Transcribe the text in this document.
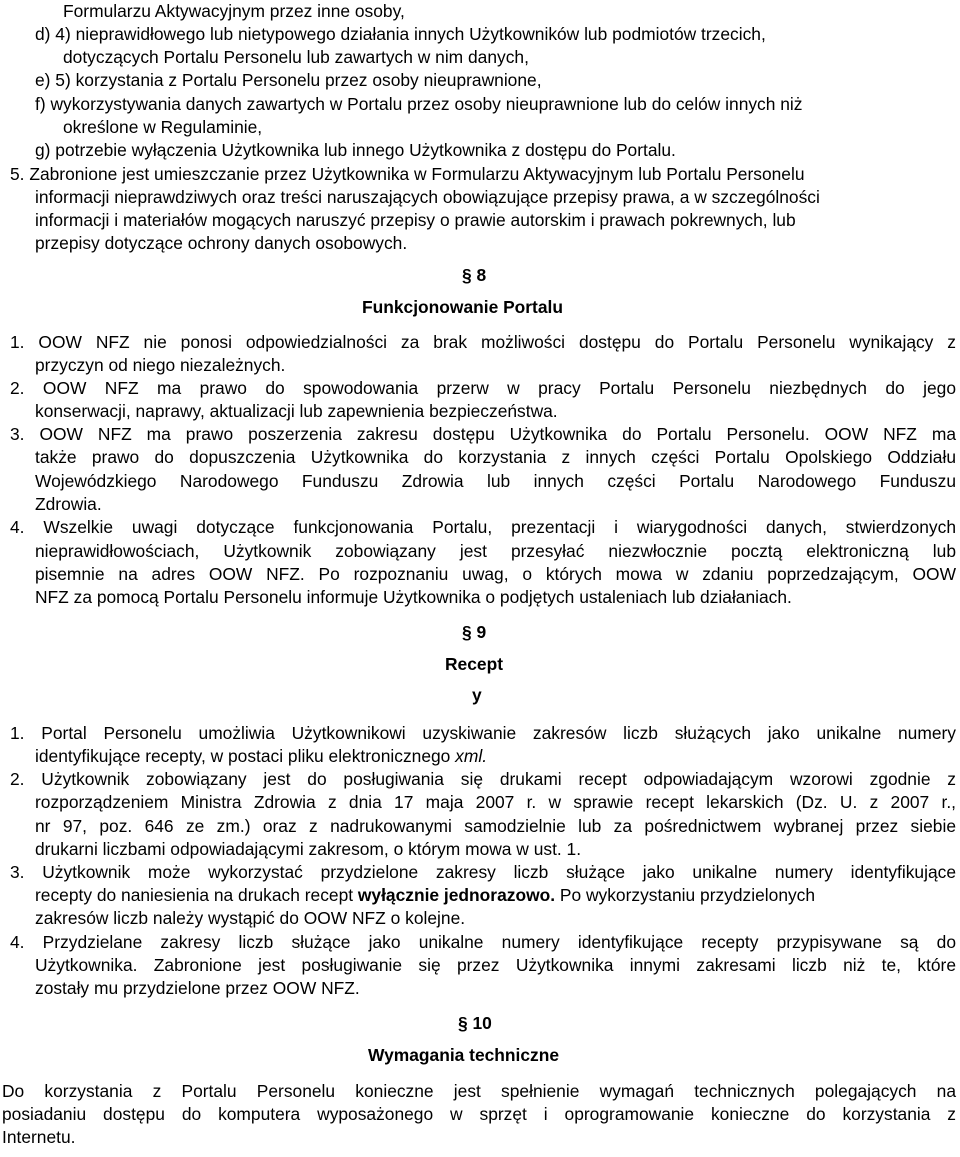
Formularzu Aktywacyjnym przez inne osoby,
d) 4) nieprawidłowego lub nietypowego działania innych Użytkowników lub podmiotów trzecich,
dotyczących Portalu Personelu lub zawartych w nim danych,
e) 5) korzystania z Portalu Personelu przez osoby nieuprawnione,
f) wykorzystywania danych zawartych w Portalu przez osoby nieuprawnione lub do celów innych niż
określone w Regulaminie,
g) potrzebie wyłączenia Użytkownika lub innego Użytkownika z dostępu do Portalu.
5. Zabronione jest umieszczanie przez Użytkownika w Formularzu Aktywacyjnym lub Portalu Personelu
informacji nieprawdziwych oraz treści naruszających obowiązujące przepisy prawa, a w szczególności
informacji i materiałów mogących naruszyć przepisy o prawie autorskim i prawach pokrewnych, lub
przepisy dotyczące ochrony danych osobowych.
§ 8
Funkcjonowanie Portalu
1. OOW NFZ nie ponosi odpowiedzialności za brak możliwości dostępu do Portalu Personelu wynikający z
przyczyn od niego niezależnych.
2. OOW NFZ ma prawo do spowodowania przerw w pracy Portalu Personelu niezbędnych do jego
konserwacji, naprawy, aktualizacji lub zapewnienia bezpieczeństwa.
3. OOW NFZ ma prawo poszerzenia zakresu dostępu Użytkownika do Portalu Personelu. OOW NFZ ma
także prawo do dopuszczenia Użytkownika do korzystania z innych części Portalu Opolskiego Oddziału
Wojewódzkiego Narodowego Funduszu Zdrowia lub innych części Portalu Narodowego Funduszu
Zdrowia.
4. Wszelkie uwagi dotyczące funkcjonowania Portalu, prezentacji i wiarygodności danych, stwierdzonych
nieprawidłowościach, Użytkownik zobowiązany jest przesyłać niezwłocznie pocztą elektroniczną lub
pisemnie na adres OOW NFZ. Po rozpoznaniu uwag, o których mowa w zdaniu poprzedzającym, OOW
NFZ za pomocą Portalu Personelu informuje Użytkownika o podjętych ustaleniach lub działaniach.
§ 9
Recept
y
1. Portal Personelu umożliwia Użytkownikowi uzyskiwanie zakresów liczb służących jako unikalne numery
identyfikujące recepty, w postaci pliku elektronicznego xml.
2. Użytkownik zobowiązany jest do posługiwania się drukami recept odpowiadającym wzorowi zgodnie z
rozporządzeniem Ministra Zdrowia z dnia 17 maja 2007 r. w sprawie recept lekarskich (Dz. U. z 2007 r.,
nr 97, poz. 646 ze zm.) oraz z nadrukowanymi samodzielnie lub za pośrednictwem wybranej przez siebie
drukarni liczbami odpowiadającymi zakresom, o którym mowa w ust. 1.
3. Użytkownik może wykorzystać przydzielone zakresy liczb służące jako unikalne numery identyfikujące
recepty do naniesienia na drukach recept wyłącznie jednorazowo. Po wykorzystaniu przydzielonych
zakresów liczb należy wystąpić do OOW NFZ o kolejne.
4. Przydzielane zakresy liczb służące jako unikalne numery identyfikujące recepty przypisywane są do
Użytkownika. Zabronione jest posługiwanie się przez Użytkownika innymi zakresami liczb niż te, które
zostały mu przydzielone przez OOW NFZ.
§ 10
Wymagania techniczne
Do korzystania z Portalu Personelu konieczne jest spełnienie wymagań technicznych polegających na
posiadaniu dostępu do komputera wyposażonego w sprzęt i oprogramowanie konieczne do korzystania z
Internetu.
